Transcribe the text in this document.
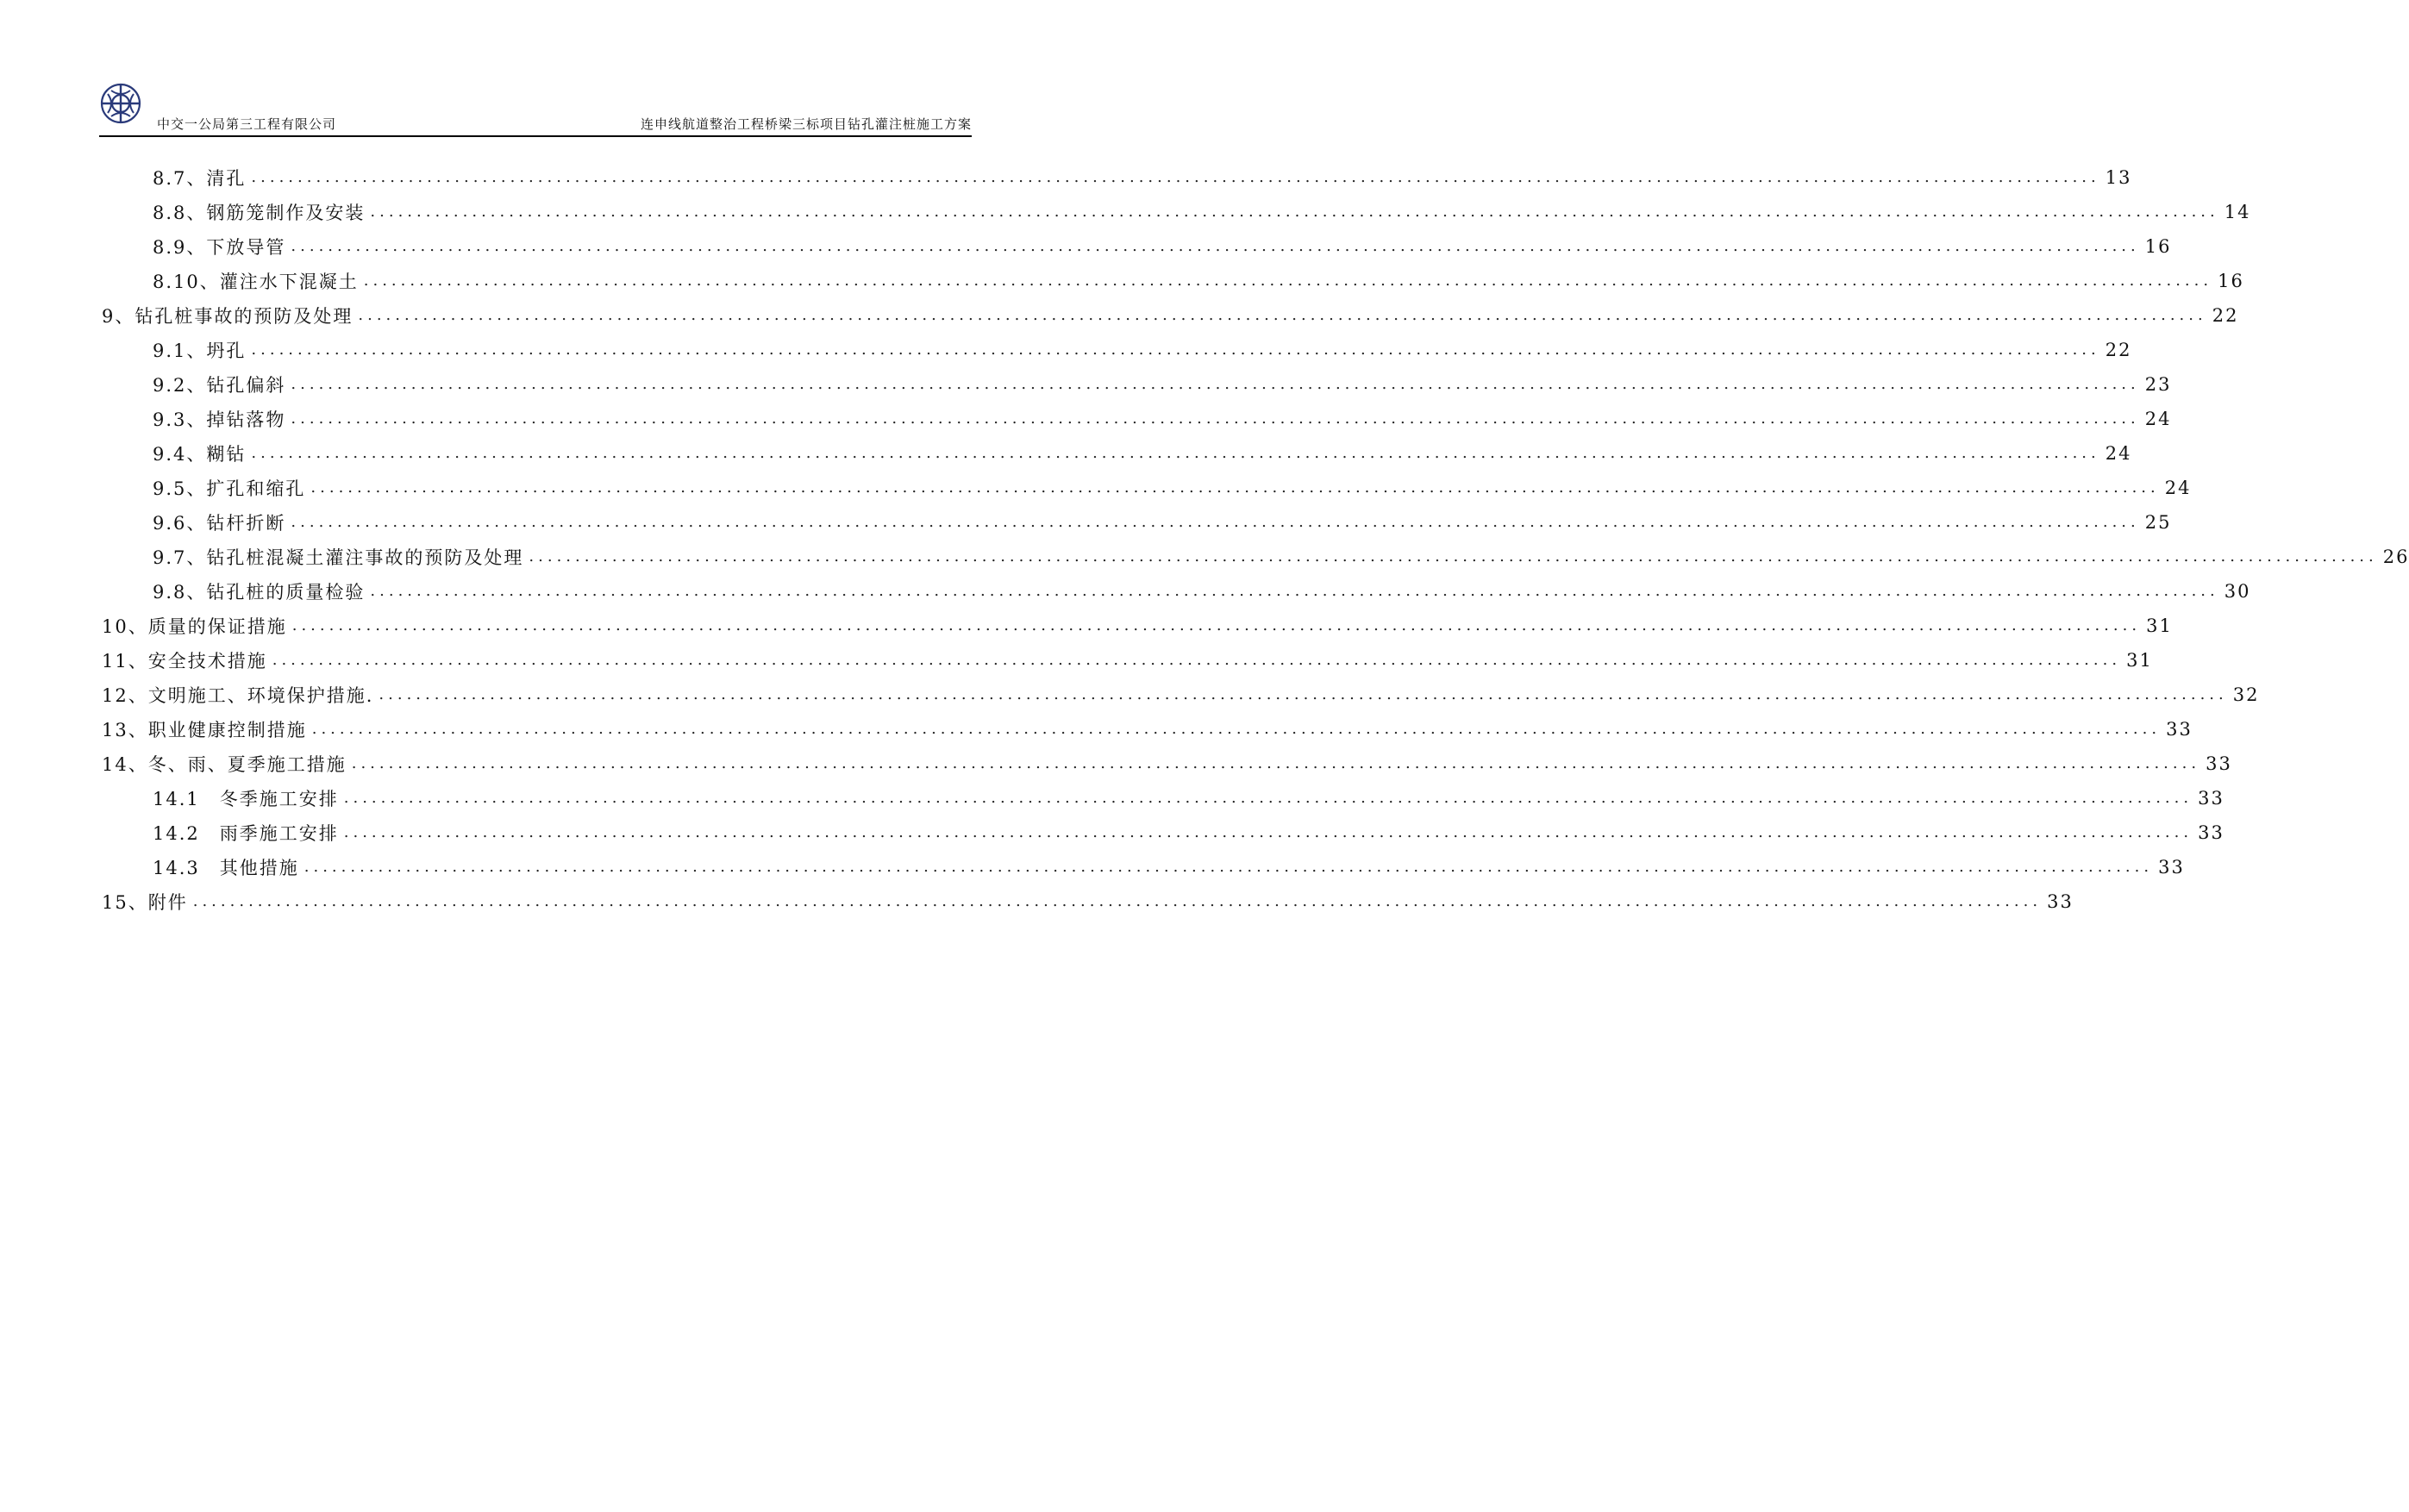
中交一公局第三工程有限公司	连申线航道整治工程桥梁三标项目钻孔灌注桩施工方案
8.7、清孔 ........................................................................................................................................................................................................ 13
8.8、钢筋笼制作及安装 ........................................................................................................................................................................................................ 14
8.9、下放导管 ........................................................................................................................................................................................................ 16
8.10、灌注水下混凝土 ........................................................................................................................................................................................................ 16
9、钻孔桩事故的预防及处理 ........................................................................................................................................................................................................ 22
9.1、坍孔 ........................................................................................................................................................................................................ 22
9.2、钻孔偏斜 ........................................................................................................................................................................................................ 23
9.3、掉钻落物 ........................................................................................................................................................................................................ 24
9.4、糊钻 ........................................................................................................................................................................................................ 24
9.5、扩孔和缩孔 ........................................................................................................................................................................................................ 24
9.6、钻杆折断 ........................................................................................................................................................................................................ 25
9.7、钻孔桩混凝土灌注事故的预防及处理 ........................................................................................................................................................................................................ 26
9.8、钻孔桩的质量检验 ........................................................................................................................................................................................................ 30
10、质量的保证措施 ........................................................................................................................................................................................................ 31
11、安全技术措施 ........................................................................................................................................................................................................ 31
12、文明施工、环境保护措施. ........................................................................................................................................................................................................ 32
13、职业健康控制措施 ........................................................................................................................................................................................................ 33
14、冬、雨、夏季施工措施 ........................................................................................................................................................................................................ 33
14.1　冬季施工安排 ........................................................................................................................................................................................................ 33
14.2　雨季施工安排 ........................................................................................................................................................................................................ 33
14.3　其他措施 ........................................................................................................................................................................................................ 33
15、附件 ........................................................................................................................................................................................................ 33
